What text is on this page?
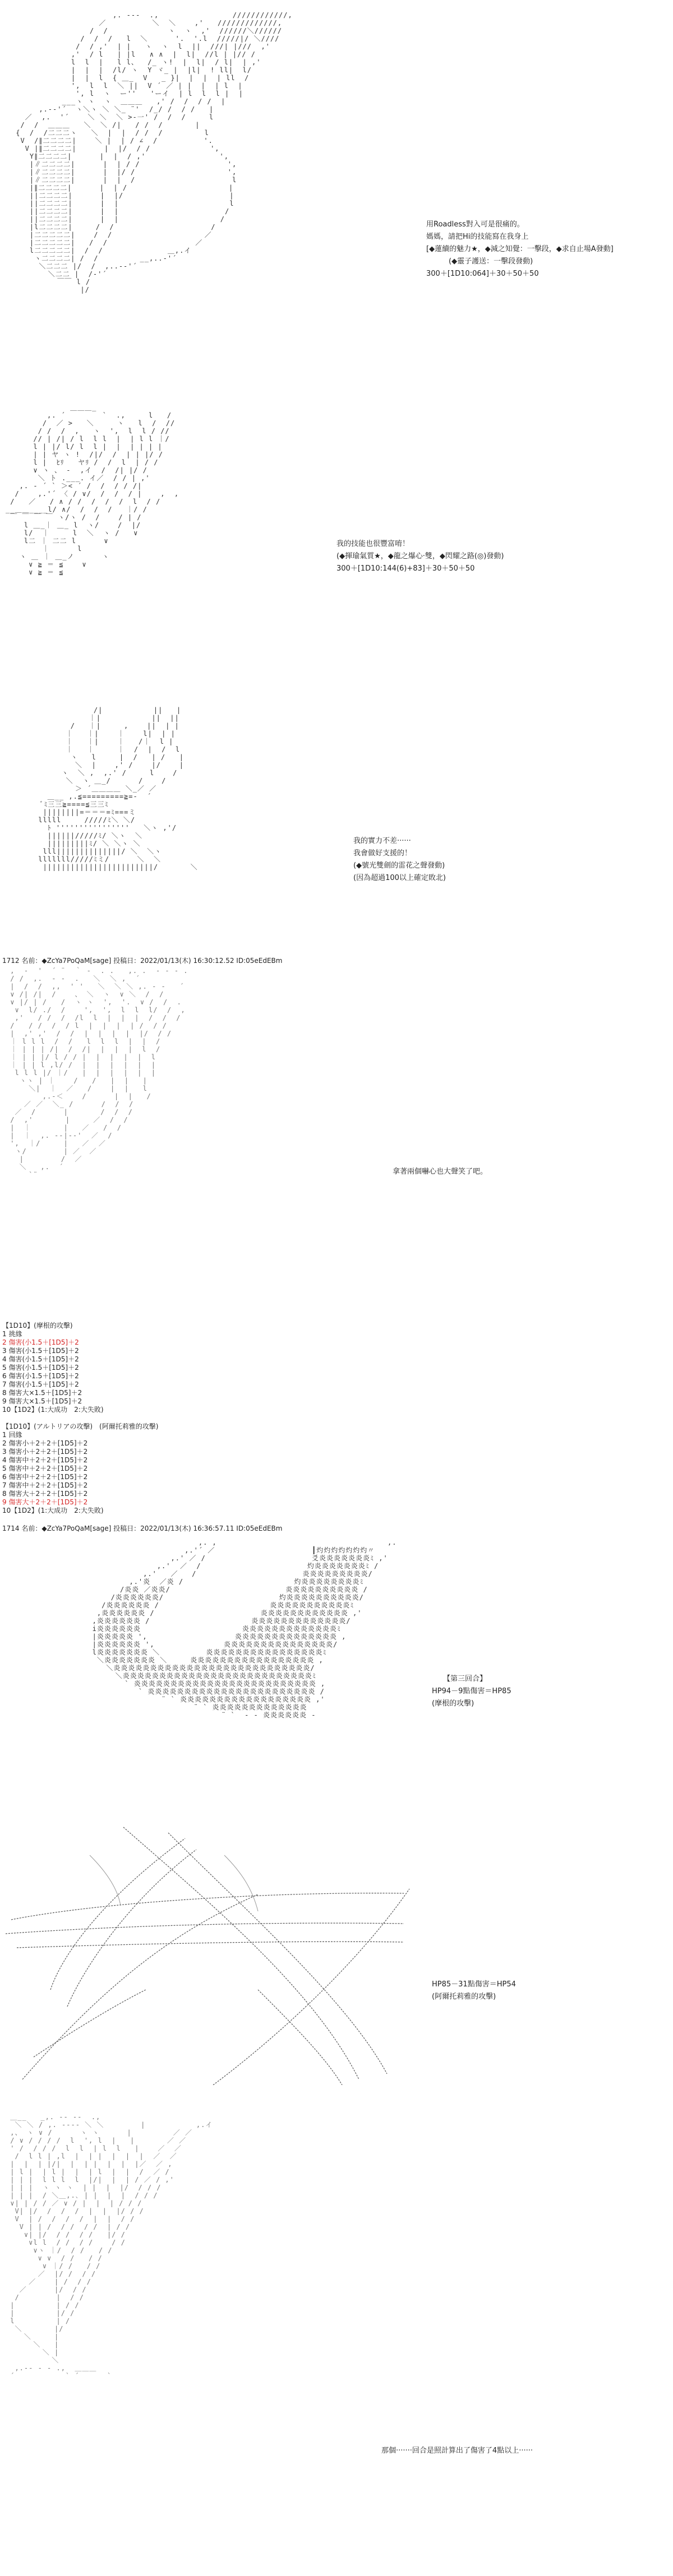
,. -‐-  .,                ////////////,
／          ＼  ＼    ,'   /////////////,
/  /             ヽ  ヽ  ,'  //////＼//////
/  /  /   l  ＼      '.  '.l  /////|/ ＼////
/  / ,'  | |   ヽ  ヽ  l  ||  ///| |///  ,'
,'  / l   | |l   ∧ ∧  |  l|  //l | |// /
l  l  |   l l、  /_ ヽ!  |  l|  / l|  | ,'
|  |  |  /l/ ヽ  Y ヾ_ |  |l|  ! ll|  l/
|  |  l  { ＿_  V   _ }|  |  |  | ll  /
',  l  l  ＼ ||  V ´ ／ | |  |  | l  |
', l  ヽ  ー''   'ーイ  | l  l  l |  |
___ヽ ヽ  ヽ  ＿＿＿   ,' /  /  / /  |
,.-‐'´  ヽ＼ヽ ＼ ＼_ ¨'  /_/ /  / /   |
／  ,.  '´    ＼ ＼  ＼ >‐一' /  /  /     l
/  /  ＿＿＿   ＼  ＼ /|   / /  /       |
{  /  /二二二ヽ   ＼  |  |  / /  /         l
V  /∥二二二二|    ＼ |  | / ∠  /          '.
V |∥二二二二|      |  |/  / /             ',
Y∥二二二二|      |  |  / ,'                ',
|∥二二二二|      |  | / /                   ',
|∥二二二二|      |  |/ /                    ',
|∥二二二二|      |  |  /                     l
|∥二二二二|      |  | /                      |
||二二二二|      |  |/                       |
||二二二二|      |  |                        l
||二二二二|      |  |                       /
||二二二二|      |  |                      /
|l二二二二|     /  /                     /
|二二二二二|    /  /                    ／
|二二二二二|   /  /                   ／
l二二二二二|  /  /              ＿,.イ
ヽ二二二二| /  /         __,..-'´
＼二二二 |/  /  ,..-‐'´
＼二二 |  /‐'´
￣￣ l /
|/

用Roadless對入可是很痛的。
媽媽，請把Hi的技能寫在我身上
[◆蓮續的魅力★，◆減之知覺：一擊段，◆求自止場A發動]
(◆靈子護送：一擊段發動)
300＋[1D10:064]＋30＋50＋50
＿＿＿_
,. ´        `  .,     l   /
/  ／ >   ＼     ヽ   l  /  //
/ /  /  ,   ヽ  ',  l  l / //
// | /| / l  l l  |  | l l ｜/
l | |/ l/ l  l |  |  | | | |
| | ヤ ヽ !  /|/  /  | | |/ /
l |  ﾋﾘ   ヤﾘ /  /  l  | / /
∨ ヽ 、 ‐  ,イ  /  /| |/ /
＼ ト .___. イ／  / / | ,'
,. - ´ ` ＞< ´ /  /  / / /|
/    ,.'´ 〈 / ∨/  /  /  / |    ,  ,
/   ／   / ∧ / /  /  /  /  l  / /
__＿＿____l/ ∧/  /  /  /   ｜/ /
￣ ￣ ￣ ￣ ヽ/ヽ /  /    / | /
l ＿_｜ ＿_ l  ヽ/    /  |/
l/  ｜     l  ＼  ヽ /   ∨
l二 ｜ 二二 l      ∨
｜      l
ヽ ＿ ｜ ＿_ノ      ヽ
∨ ≧ ＝ ≦    ∨
∨ ≧ ＝ ≦

我的技能也很豐富唷！
(◆揮瑜氣質★，◆龍之爆心·雙，◆閃耀之路(◎)發動)
300＋[1D10:144(6)+83]＋30＋50＋50
/|           ||   |
｜|           ||  ||
/   ｜|     ,    ||  | |
｜   ｜|    ｜    l|  | |
｜   ｜|    ｜   /｜  l |
｜   ｜     ｜  /  |  /  l
ヽ   l     |  /   | /   |
＼  |    ,' /    |/    |
ヽ  ＼ ,  ,.' /     l    /
＼  ヽ ＿_/      /    /
＞ ´＿＿＿＿ ＼_／ ／
＿__ ,.≦=========≧=‐  ´
ﾞﾐ三三≧====≦三三ﾐ
||||||||=＝＝＝=ﾐ===ミ
lllll     /////ﾐ＼ ＼/
ﾄ ''''''''''''''''   ＼ヽ ,'/
||||||/////ﾐ/ ＼ヽ  ＼
|||||||||ﾐ/ ＼ ＼ヽ ＼
lll||||||||||||||/ ＼  ＼ヽ
lllllll/////ﾐミ/      ＼  ＼
||||||||||||||||||||||||/       ＼

我的實力不差······
我會做好支援的！
(◆號光雙劍的雷花之聲發動)
(因為超過100以上確定敗北)
1712 名前：◆ZcYa7PoQaM[sage] 投稿日：2022/01/13(木) 16:30:12.52 ID:05eEdEBm
,  ‐  '  ´ ¨  ｀ ‐  . .   ,. .  - ‐ - .
/ /  ,.  ‐ ‐  .   ＼  ＼ ,  ´
|  /  /  ,,  ' '   ＼  ＼ ＼ ,. - ‐   ´
∨ /| /|  /    、 ＼  ヽ  ∨ ＼  /  /
∨ |/ | /   /  ヽ ヽ  ',  '.  ∨ /  /  .
∨  l/ ./  /    ',  ',  l  l  l/  /  ,
,'   / /  /  /l  l  |  |  |  /  /  /
/   / /  /  / l  |  |  |  | /  / /
|  ,' ,'  /  /  |  |  |  |  |/  / /
｜ l l l  /  /   l  l  l  |  |  /
｜ | | | /|  /  /|  |  |  |  l  /
｜ | | |/ l / / |  |  |  |  |  l
｜ | | l ,l/ /  |  |  |  |  |  |
l l l |/ ｜/   |  |  |  |  |  |
ヽヽ | ｜    /   /   |  |   |
＼|  ｜  ／   /    |  |   l
,.-＜    /      |  |   /
／ ／  ＼_ /      /  /  /
／  /      |       /  /  /
/  ,'       |     ／  /  /
|  ｜       |   ／   /  /
|  ｜  ,. -‐|-‐'  ／  /
',  ｜/     |   ／  ／
ヽ/        | ／  ／
|        /  ／
＼   ,.  ´
`¨	拿著兩個嚇心也大聲笑了吧。
【1D10】(摩根的攻擊)
1 挑緣
2 傷害(小1.5＋[1D5]＋2
3 傷害(小1.5＋[1D5]＋2
4 傷害(小1.5＋[1D5]＋2
5 傷害(小1.5＋[1D5]＋2
6 傷害(小1.5＋[1D5]＋2
7 傷害(小1.5＋[1D5]＋2
8 傷害大×1.5＋[1D5]＋2
9 傷害大×1.5＋[1D5]＋2
10【1D2】(1:大成功　2:大失敗)
【1D10】(アルトリアの攻擊)　(阿爾托莉雅的攻擊)
1 回緣
2 傷害小＋2＋2＋[1D5]＋2
3 傷害小＋2＋2＋[1D5]＋2
4 傷害中＋2＋2＋[1D5]＋2
5 傷害中＋2＋2＋[1D5]＋2
6 傷害中＋2＋2＋[1D5]＋2
7 傷害中＋2＋2＋[1D5]＋2
8 傷害大＋2＋2＋[1D5]＋2
9 傷害大＋2＋2＋[1D5]＋2
10【1D2】(1:大成功　2:大失敗)
1714 名前：◆ZcYa7PoQaM[sage] 投稿日：2022/01/13(木) 16:36:57.11 ID:05eEdEBm
,. ,                                     ,.
,.'´ ／                     ┃灼灼灼灼灼灼灼〃
,.' ／ /                       爻炎炎炎炎炎炎炎ﾐ ,'
,.'  ／  /                       灼炎炎炎炎炎炎炎ﾐ /
,.'   ／   /                       炎炎炎炎炎炎炎炎炎/
,.'炎  ／炎 /                        灼炎炎炎炎炎炎炎炎ﾐ
/炎炎 ／炎炎/                         炎炎炎炎炎炎炎炎炎炎 /
/炎炎炎炎炎炎/                         灼炎炎炎炎炎炎炎炎炎炎/
/炎炎炎炎炎炎 /                        炎炎炎炎炎炎炎炎炎炎炎ﾐ
,炎炎炎炎炎炎 /                       炎炎炎炎炎炎炎炎炎炎炎炎 ,'
,炎炎炎炎炎炎 /                      炎炎炎炎炎炎炎炎炎炎炎炎炎/
i炎炎炎炎炎炎                      炎炎炎炎炎炎炎炎炎炎炎炎炎ﾐ
|炎炎炎炎炎 ',                   炎炎炎炎炎炎炎炎炎炎炎炎炎炎 ,
|炎炎炎炎炎炎 ',               炎炎炎炎炎炎炎炎炎炎炎炎炎炎炎/
l炎炎炎炎炎炎炎 ＼          炎炎炎炎炎炎炎炎炎炎炎炎炎炎炎炎ﾐ
＼炎炎炎炎炎炎炎 ＼     炎炎炎炎炎炎炎炎炎炎炎炎炎炎炎炎炎 ,
＼炎炎炎炎炎炎炎炎炎炎炎炎炎炎炎炎炎炎炎炎炎炎炎炎炎炎炎/
＼炎炎炎炎炎炎炎炎炎炎炎炎炎炎炎炎炎炎炎炎炎炎炎炎炎炎ﾐ
` 炎炎炎炎炎炎炎炎炎炎炎炎炎炎炎炎炎炎炎炎炎炎炎炎炎 ,
` 炎炎炎炎炎炎炎炎炎炎炎炎炎炎炎炎炎炎炎炎炎炎炎 /
¨ ` 炎炎炎炎炎炎炎炎炎炎炎炎炎炎炎炎炎炎 ,'
¨ ` 炎炎炎炎炎炎炎炎炎炎炎炎炎
¨ `  ‐ - 炎炎炎炎炎炎 ‐

【第三回合】
HP94－9點傷害＝HP85
(摩根的攻擊)
HP85－31點傷害＝HP54
(阿爾托莉雅的攻擊)
＿__   _,. -‐ ‐-  .,
＼ ＼ / ,. -‐‐- ＼ ＼        |           ,.イ
,、 ヽ ∨ /      ヽ ヽ      |         ／ ／
/ ∨ / / / /  l  ', l  |   |       ／ ／
' /  / / /  l  l  | l  l   |    ／  ／
/  l l | ,l  |  | |  |  |  |  ／  ／
|  |  | |/|  |  | |  |  |  |／  ／ ,
| l |  | l |  |  | l  |  |  /  ／ /
| | |  l l l  l  |/|  |  | / ／ / ,'
| | |  ヽ ヽ ヽ  | |  |  |/  / / /
| | |  / ＼＿,.､ | |  |  |  / / /
∨| | / / ／ ∨ / |  |  | / / /
V| |/  /  /  /  |  |  |/ / /
V  | /  /  /  /  |  |  / /
V | | /  / /  / /  | / /
∨| |/  / /  / /   |/ /
∨l l  / /  / /    / /
∨ヽ ｜/  / /   / /
∨ ∨  / /   / /
∨ ｜/ /   / /
／  |/ /  / /
／    | /  / /
／      |/  / /
/        |  / /
|         | / /
|         |/ /
l         | /
＼       |/
＼     |
＼   |
＼ |
＼
,.-‐ ‐ - .,  ＿＿＿
´           ` ´      `

那個·······回合是照計算出了傷害了4點以上······
